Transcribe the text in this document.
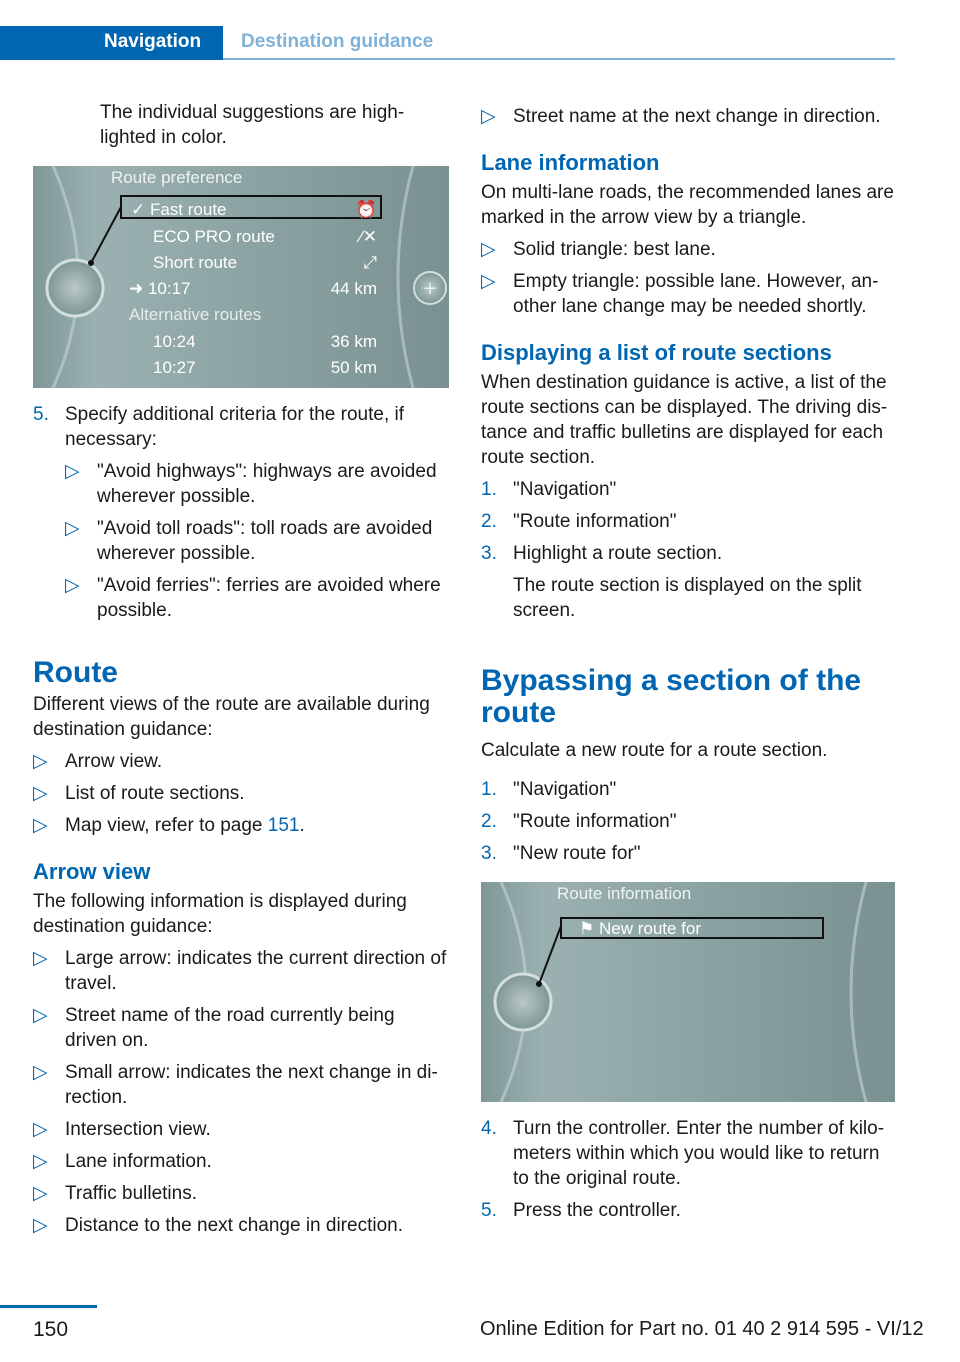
Navigation Destination guidance

The individual suggestions are high-lighted in color.

+
Route preference
✓ Fast route	⏰
ECO PRO route	⁄✕
Short route	⤢
➜ 10:17	44 km
Alternative routes
10:24	36 km
10:27	50 km
5. Specify additional criteria for the route, if necessary:
▷ "Avoid highways": highways are avoided wherever possible.
▷ "Avoid toll roads": toll roads are avoided wherever possible.
▷ "Avoid ferries": ferries are avoided where possible.
Route

Different views of the route are available during destination guidance:

▷ Arrow view.
▷ List of route sections.
▷ Map view, refer to page 151.
Arrow view

The following information is displayed during destination guidance:

▷ Large arrow: indicates the current direction of travel.
▷ Street name of the road currently being driven on.
▷ Small arrow: indicates the next change in di-rection.
▷ Intersection view.
▷ Lane information.
▷ Traffic bulletins.
▷ Distance to the next change in direction.
▷ Street name at the next change in direction.
Lane information

On multi-lane roads, the recommended lanes are marked in the arrow view by a triangle.

▷ Solid triangle: best lane.
▷ Empty triangle: possible lane. However, an-other lane change may be needed shortly.
Displaying a list of route sections

When destination guidance is active, a list of the route sections can be displayed. The driving dis-tance and traffic bulletins are displayed for each route section.

1. "Navigation"
2. "Route information"
3. Highlight a route section.

The route section is displayed on the split screen.

Bypassing a section of the route

Calculate a new route for a route section.

1. "Navigation"
2. "Route information"
3. "New route for"
Route information
⚑ New route for
4. Turn the controller. Enter the number of kilo-meters within which you would like to return to the original route.
5. Press the controller.
150	Online Edition for Part no. 01 40 2 914 595 - VI/12
